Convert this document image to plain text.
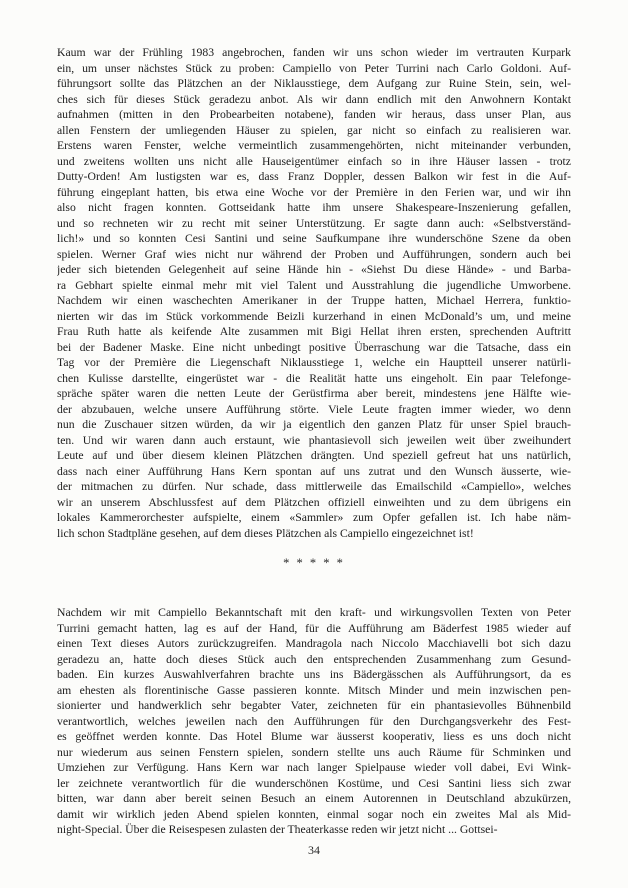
Kaum war der Frühling 1983 angebrochen, fanden wir uns schon wieder im vertrauten Kurpark
ein, um unser nächstes Stück zu proben: Campiello von Peter Turrini nach Carlo Goldoni. Auf-
führungsort sollte das Plätzchen an der Niklausstiege, dem Aufgang zur Ruine Stein, sein, wel-
ches sich für dieses Stück geradezu anbot. Als wir dann endlich mit den Anwohnern Kontakt
aufnahmen (mitten in den Probearbeiten notabene), fanden wir heraus, dass unser Plan, aus
allen Fenstern der umliegenden Häuser zu spielen, gar nicht so einfach zu realisieren war.
Erstens waren Fenster, welche vermeintlich zusammengehörten, nicht miteinander verbunden,
und zweitens wollten uns nicht alle Hauseigentümer einfach so in ihre Häuser lassen - trotz
Dutty-Orden! Am lustigsten war es, dass Franz Doppler, dessen Balkon wir fest in die Auf-
führung eingeplant hatten, bis etwa eine Woche vor der Première in den Ferien war, und wir ihn
also nicht fragen konnten. Gottseidank hatte ihm unsere Shakespeare-Inszenierung gefallen,
und so rechneten wir zu recht mit seiner Unterstützung. Er sagte dann auch: «Selbstverständ-
lich!» und so konnten Cesi Santini und seine Saufkumpane ihre wunderschöne Szene da oben
spielen. Werner Graf wies nicht nur während der Proben und Aufführungen, sondern auch bei
jeder sich bietenden Gelegenheit auf seine Hände hin - «Siehst Du diese Hände» - und Barba-
ra Gebhart spielte einmal mehr mit viel Talent und Ausstrahlung die jugendliche Umworbene.
Nachdem wir einen waschechten Amerikaner in der Truppe hatten, Michael Herrera, funktio-
nierten wir das im Stück vorkommende Beizli kurzerhand in einen McDonald’s um, und meine
Frau Ruth hatte als keifende Alte zusammen mit Bigi Hellat ihren ersten, sprechenden Auftritt
bei der Badener Maske. Eine nicht unbedingt positive Überraschung war die Tatsache, dass ein
Tag vor der Première die Liegenschaft Niklausstiege 1, welche ein Hauptteil unserer natürli-
chen Kulisse darstellte, eingerüstet war - die Realität hatte uns eingeholt. Ein paar Telefonge-
spräche später waren die netten Leute der Gerüstfirma aber bereit, mindestens jene Hälfte wie-
der abzubauen, welche unsere Aufführung störte. Viele Leute fragten immer wieder, wo denn
nun die Zuschauer sitzen würden, da wir ja eigentlich den ganzen Platz für unser Spiel brauch-
ten. Und wir waren dann auch erstaunt, wie phantasievoll sich jeweilen weit über zweihundert
Leute auf und über diesem kleinen Plätzchen drängten. Und speziell gefreut hat uns natürlich,
dass nach einer Aufführung Hans Kern spontan auf uns zutrat und den Wunsch äusserte, wie-
der mitmachen zu dürfen. Nur schade, dass mittlerweile das Emailschild «Campiello», welches
wir an unserem Abschlussfest auf dem Plätzchen offiziell einweihten und zu dem übrigens ein
lokales Kammerorchester aufspielte, einem «Sammler» zum Opfer gefallen ist. Ich habe näm-
lich schon Stadtpläne gesehen, auf dem dieses Plätzchen als Campiello eingezeichnet ist!
* * * * *
Nachdem wir mit Campiello Bekanntschaft mit den kraft- und wirkungsvollen Texten von Peter
Turrini gemacht hatten, lag es auf der Hand, für die Aufführung am Bäderfest 1985 wieder auf
einen Text dieses Autors zurückzugreifen. Mandragola nach Niccolo Macchiavelli bot sich dazu
geradezu an, hatte doch dieses Stück auch den entsprechenden Zusammenhang zum Gesund-
baden. Ein kurzes Auswahlverfahren brachte uns ins Bädergässchen als Aufführungsort, da es
am ehesten als florentinische Gasse passieren konnte. Mitsch Minder und mein inzwischen pen-
sionierter und handwerklich sehr begabter Vater, zeichneten für ein phantasievolles Bühnenbild
verantwortlich, welches jeweilen nach den Aufführungen für den Durchgangsverkehr des Fest-
es geöffnet werden konnte. Das Hotel Blume war äusserst kooperativ, liess es uns doch nicht
nur wiederum aus seinen Fenstern spielen, sondern stellte uns auch Räume für Schminken und
Umziehen zur Verfügung. Hans Kern war nach langer Spielpause wieder voll dabei, Evi Wink-
ler zeichnete verantwortlich für die wunderschönen Kostüme, und Cesi Santini liess sich zwar
bitten, war dann aber bereit seinen Besuch an einem Autorennen in Deutschland abzukürzen,
damit wir wirklich jeden Abend spielen konnten, einmal sogar noch ein zweites Mal als Mid-
night-Special. Über die Reisespesen zulasten der Theaterkasse reden wir jetzt nicht ... Gottsei-
34
